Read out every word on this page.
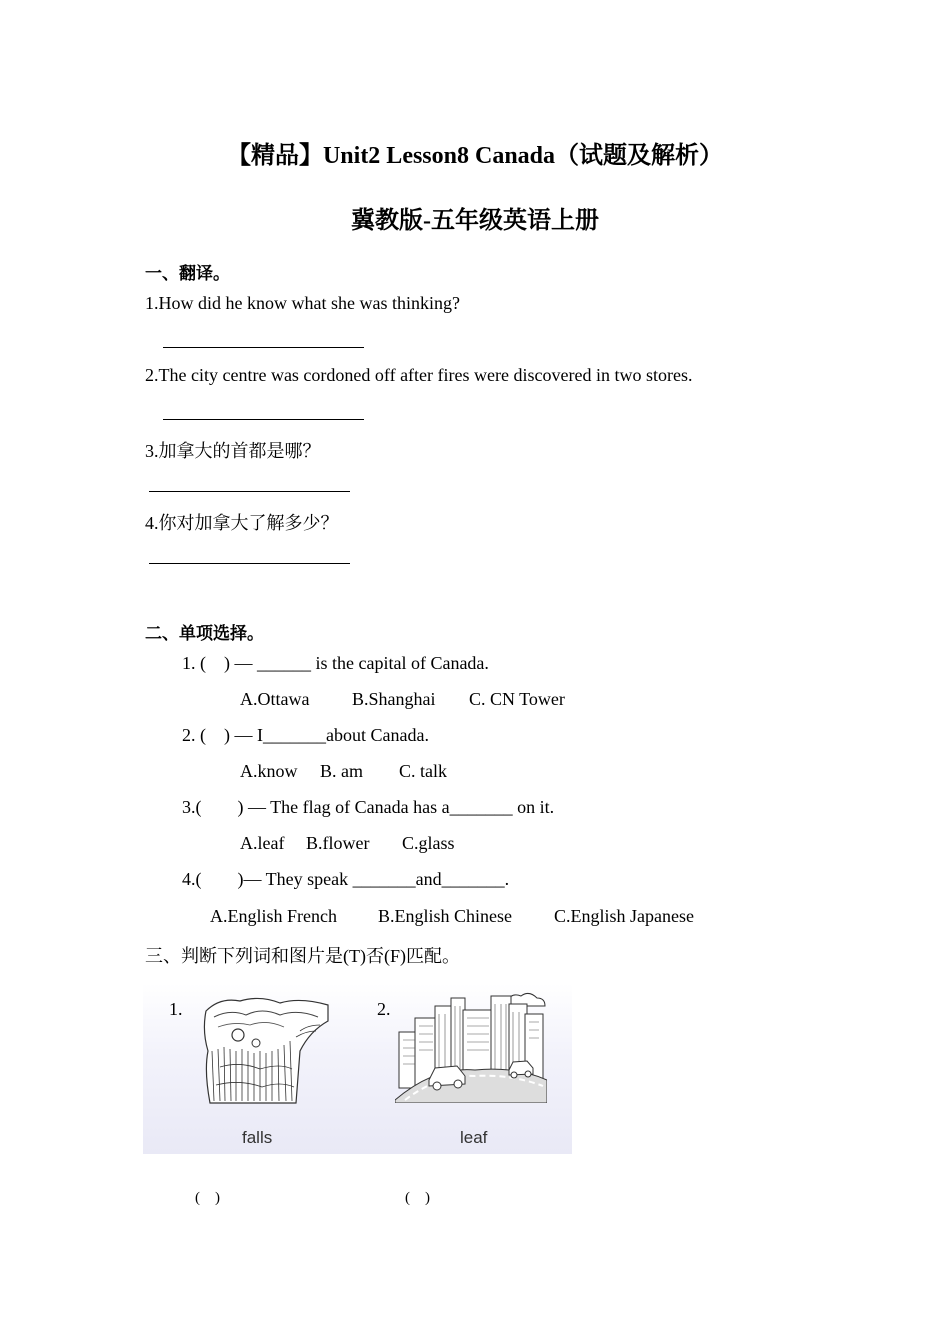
【精品】Unit2 Lesson8 Canada（试题及解析）
冀教版-五年级英语上册
一、翻译。
1.How did he know what she was thinking?
2.The city centre was cordoned off after fires were discovered in two stores.
3.加拿大的首都是哪？
4.你对加拿大了解多少？
二、单项选择。
1. (    ) — ______ is the capital of Canada.
A.Ottawa B.Shanghai C. CN Tower
2. (    ) — I_______about Canada.
A.know B. am C. talk
3.(        ) — The flag of Canada has a_______ on it.
A.leaf B.flower C.glass
4.(        )— They speak _______and_______.
A.English French B.English Chinese C.English Japanese
三、判断下列词和图片是(T)否(F)匹配。
1.
falls
2.
leaf
(    )	(    )
